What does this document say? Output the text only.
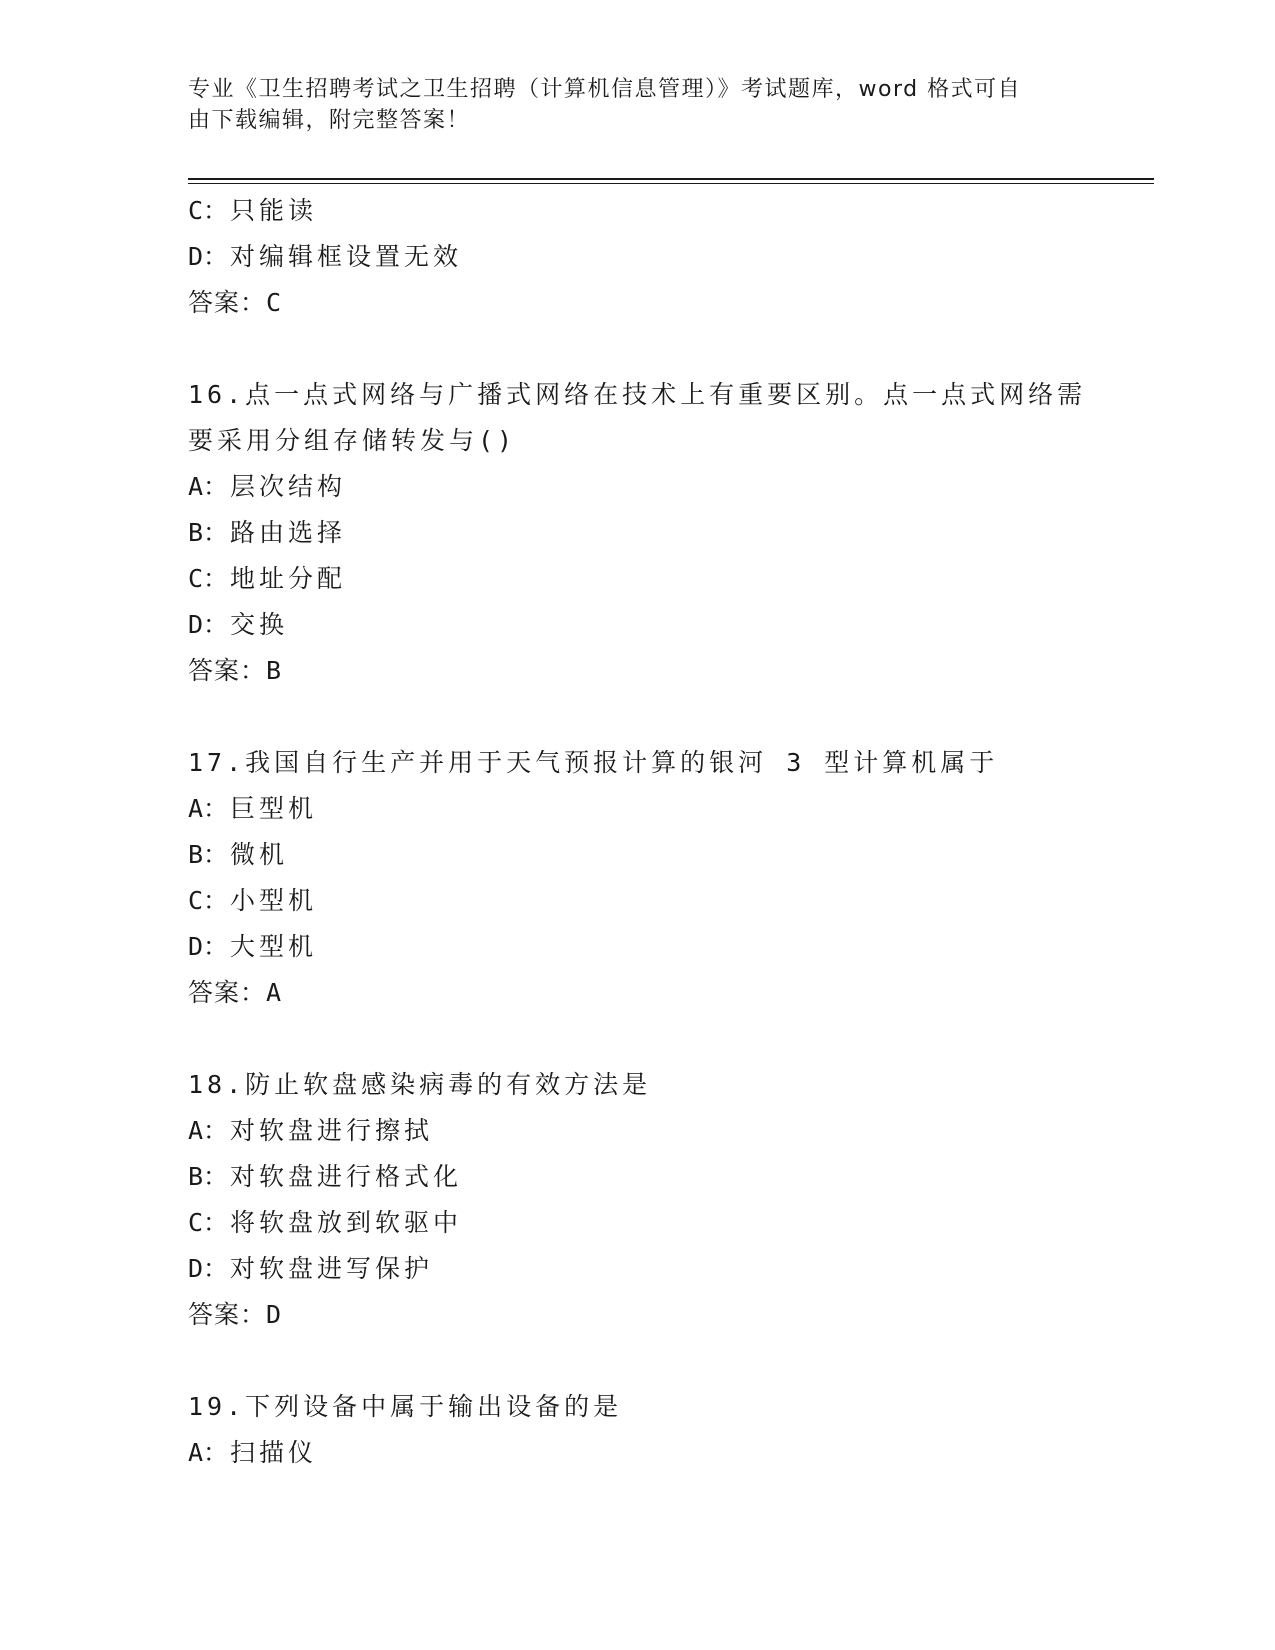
专业《卫生招聘考试之卫生招聘（计算机信息管理）》考试题库，word 格式可自
由下载编辑，附完整答案！
C：只能读
D：对编辑框设置无效
答案：C
16.点一点式网络与广播式网络在技术上有重要区别。点一点式网络需
要采用分组存储转发与()
A：层次结构
B：路由选择
C：地址分配
D：交换
答案：B
17.我国自行生产并用于天气预报计算的银河 3 型计算机属于
A：巨型机
B：微机
C：小型机
D：大型机
答案：A
18.防止软盘感染病毒的有效方法是
A：对软盘进行擦拭
B：对软盘进行格式化
C：将软盘放到软驱中
D：对软盘进写保护
答案：D
19.下列设备中属于输出设备的是
A：扫描仪
